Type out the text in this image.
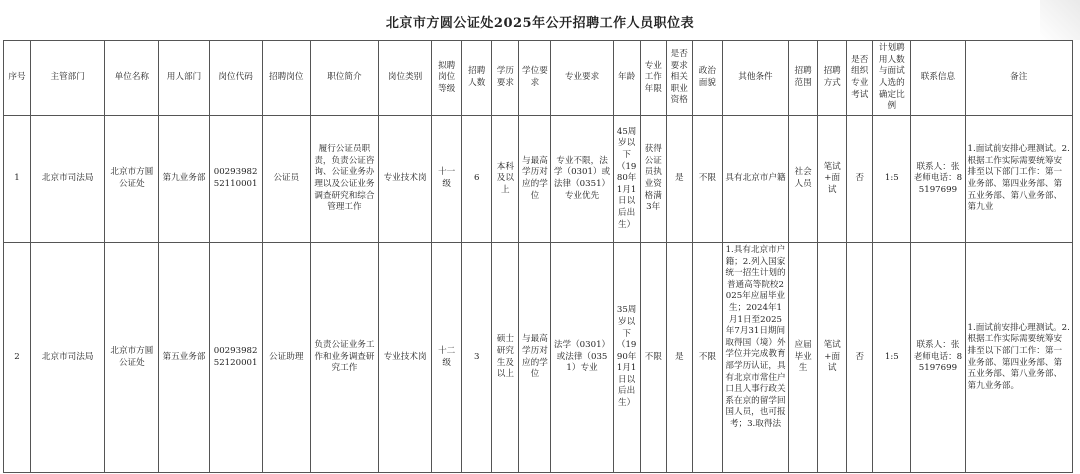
北京市方圆公证处2025年公开招聘工作人员职位表
序号	主管部门	单位名称	用人部门	岗位代码	招聘岗位	职位简介	岗位类别	拟聘岗位等级	招聘人数	学历要求	学位要求	专业要求	年龄	专业工作年限	是否要求相关职业资格	政治面貌	其他条件	招聘范围	招聘方式	是否组织专业考试	计划聘用人数与面试人选的确定比例	联系信息	备注
1	北京市司法局	北京市方圆公证处	第九业务部	0029398252110001	公证员	履行公证员职责，负责公证咨询、公证业务办理以及公证业务调查研究和综合管理工作	专业技术岗	十一级	6	本科及以上	与最高学历对应的学位	专业不限，法学（0301）或法律（0351）专业优先	45周岁以下（1980年1月1日以后出生）	获得公证员执业资格满3年	是	不限	具有北京市户籍	社会人员	笔试+面试	否	1:5	联系人：张老师电话：85197699	1.面试前安排心理测试。2.根据工作实际需要统筹安排至以下部门工作：第一业务部、第四业务部、第五业务部、第八业务部、第九业
2	北京市司法局	北京市方圆公证处	第五业务部	0029398252120001	公证助理	负责公证业务工作和业务调查研究工作	专业技术岗	十二级	3	硕士研究生及以上	与最高学历对应的学位	法学（0301）或法律（0351）专业	35周岁以下（1990年1月1日以后出生）	不限	是	不限	1.具有北京市户籍；2.列入国家统一招生计划的普通高等院校2025年应届毕业生；2024年1月1日至2025年7月31日期间取得国（境）外学位并完成教育部学历认证，具有北京市常住户口且人事行政关系在京的留学回国人员，也可报考；3.取得法	应届毕业生	笔试+面试	否	1:5	联系人：张老师电话：85197699	1.面试前安排心理测试。2.根据工作实际需要统筹安排至以下部门工作：第一业务部、第四业务部、第五业务部、第八业务部、第九业务部。
